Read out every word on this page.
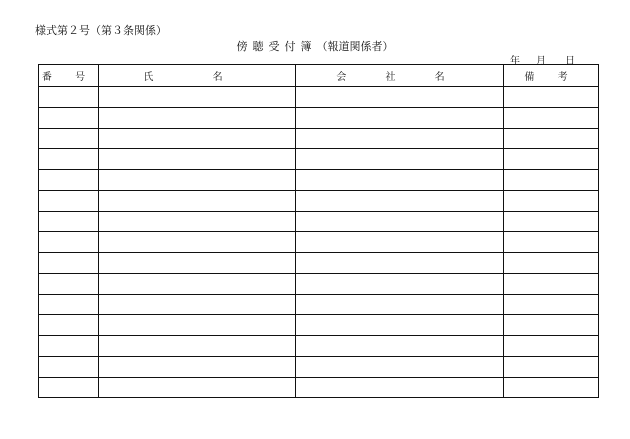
様式第２号（第３条関係）
傍聴受付簿（報道関係者）
年 月 日
番 号	氏 名	会 社 名	備 考
